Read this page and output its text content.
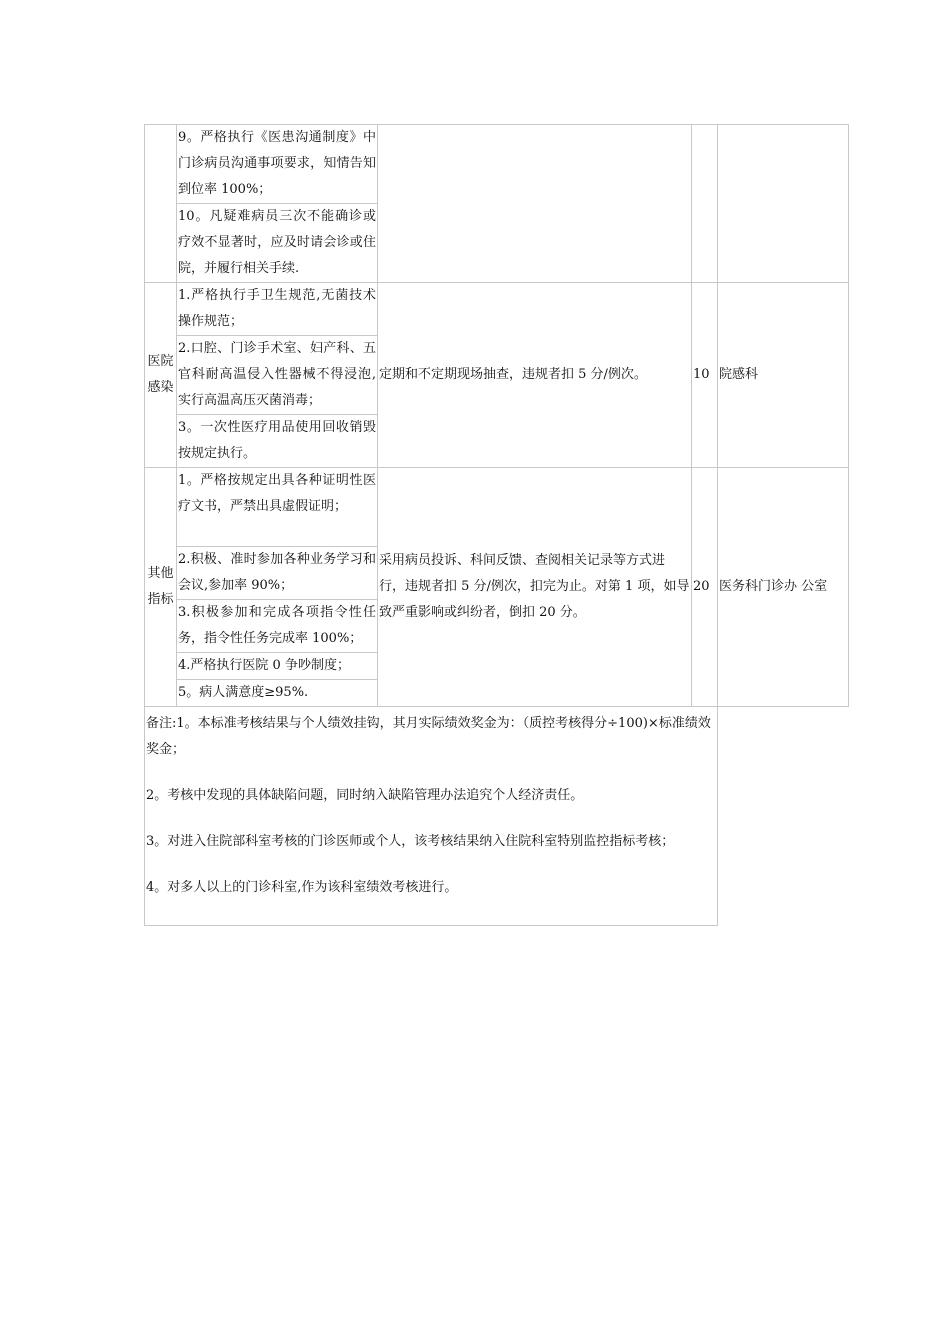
	9。严格执行《医患沟通制度》中门诊病员沟通事项要求，知情告知到位率 100%；			
	10。凡疑难病员三次不能确诊或疗效不显著时，应及时请会诊或住院，并履行相关手续.			
医院感染	1.严格执行手卫生规范,无菌技术操作规范；	定期和不定期现场抽查，违规者扣 5 分/例次。	10	院感科
	2.口腔、门诊手术室、妇产科、五官科耐高温侵入性器械不得浸泡,实行高温高压灭菌消毒；			
	3。一次性医疗用品使用回收销毁按规定执行。			
其他指标	1。严格按规定出具各种证明性医疗文书，严禁出具虚假证明；	采用病员投诉、科间反馈、查阅相关记录等方式进行，违规者扣 5 分/例次，扣完为止。对第 1 项，如导致严重影响或纠纷者，倒扣 20 分。	20	医务科门诊办 公室
	2.积极、准时参加各种业务学习和会议,参加率 90%；			
	3.积极参加和完成各项指令性任务，指令性任务完成率 100%；			
	4.严格执行医院 0 争吵制度；			
	5。病人满意度≥95%.			

备注:1。本标准考核结果与个人绩效挂钩，其月实际绩效奖金为：（质控考核得分÷100)×标准绩效奖金；
2。考核中发现的具体缺陷问题，同时纳入缺陷管理办法追究个人经济责任。
3。对进入住院部科室考核的门诊医师或个人，该考核结果纳入住院科室特别监控指标考核；
4。对多人以上的门诊科室,作为该科室绩效考核进行。				
